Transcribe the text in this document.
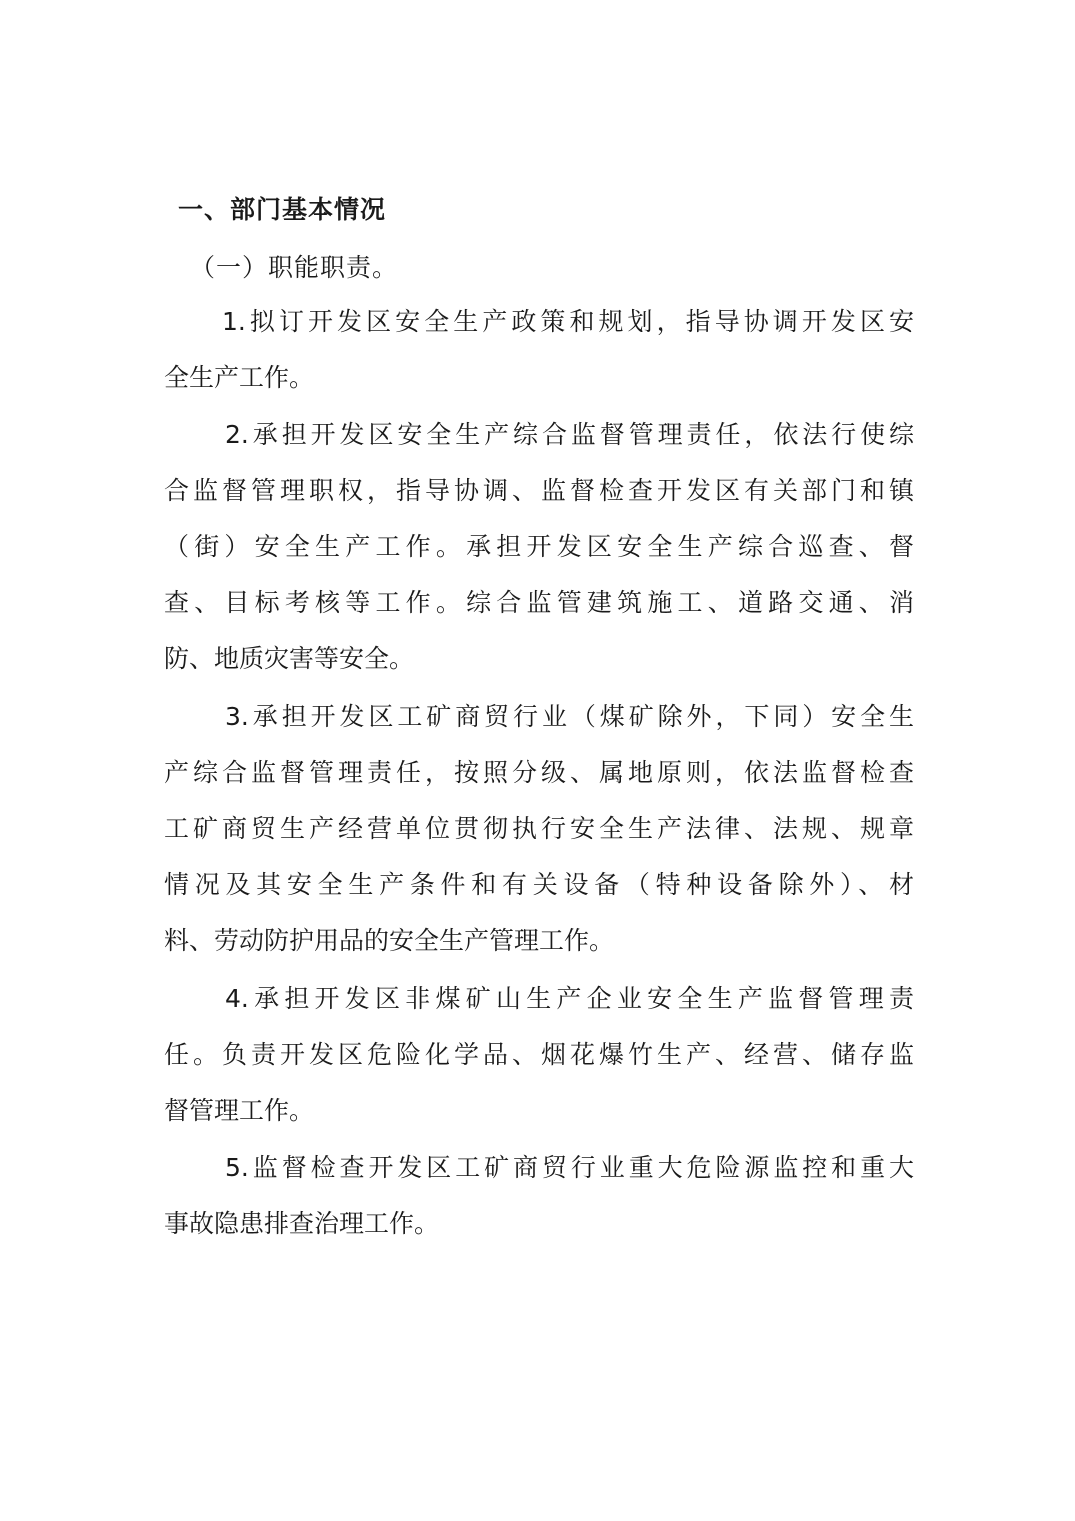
一、部门基本情况
（一）职能职责。
1.拟订开发区安全生产政策和规划，指导协调开发区安
全生产工作。
2.承担开发区安全生产综合监督管理责任，依法行使综
合监督管理职权，指导协调、监督检查开发区有关部门和镇
（街）安全生产工作。承担开发区安全生产综合巡查、督
查、目标考核等工作。综合监管建筑施工、道路交通、消
防、地质灾害等安全。
3.承担开发区工矿商贸行业（煤矿除外，下同）安全生
产综合监督管理责任，按照分级、属地原则，依法监督检查
工矿商贸生产经营单位贯彻执行安全生产法律、法规、规章
情况及其安全生产条件和有关设备（特种设备除外）、材
料、劳动防护用品的安全生产管理工作。
4.承担开发区非煤矿山生产企业安全生产监督管理责
任。负责开发区危险化学品、烟花爆竹生产、经营、储存监
督管理工作。
5.监督检查开发区工矿商贸行业重大危险源监控和重大
事故隐患排查治理工作。
